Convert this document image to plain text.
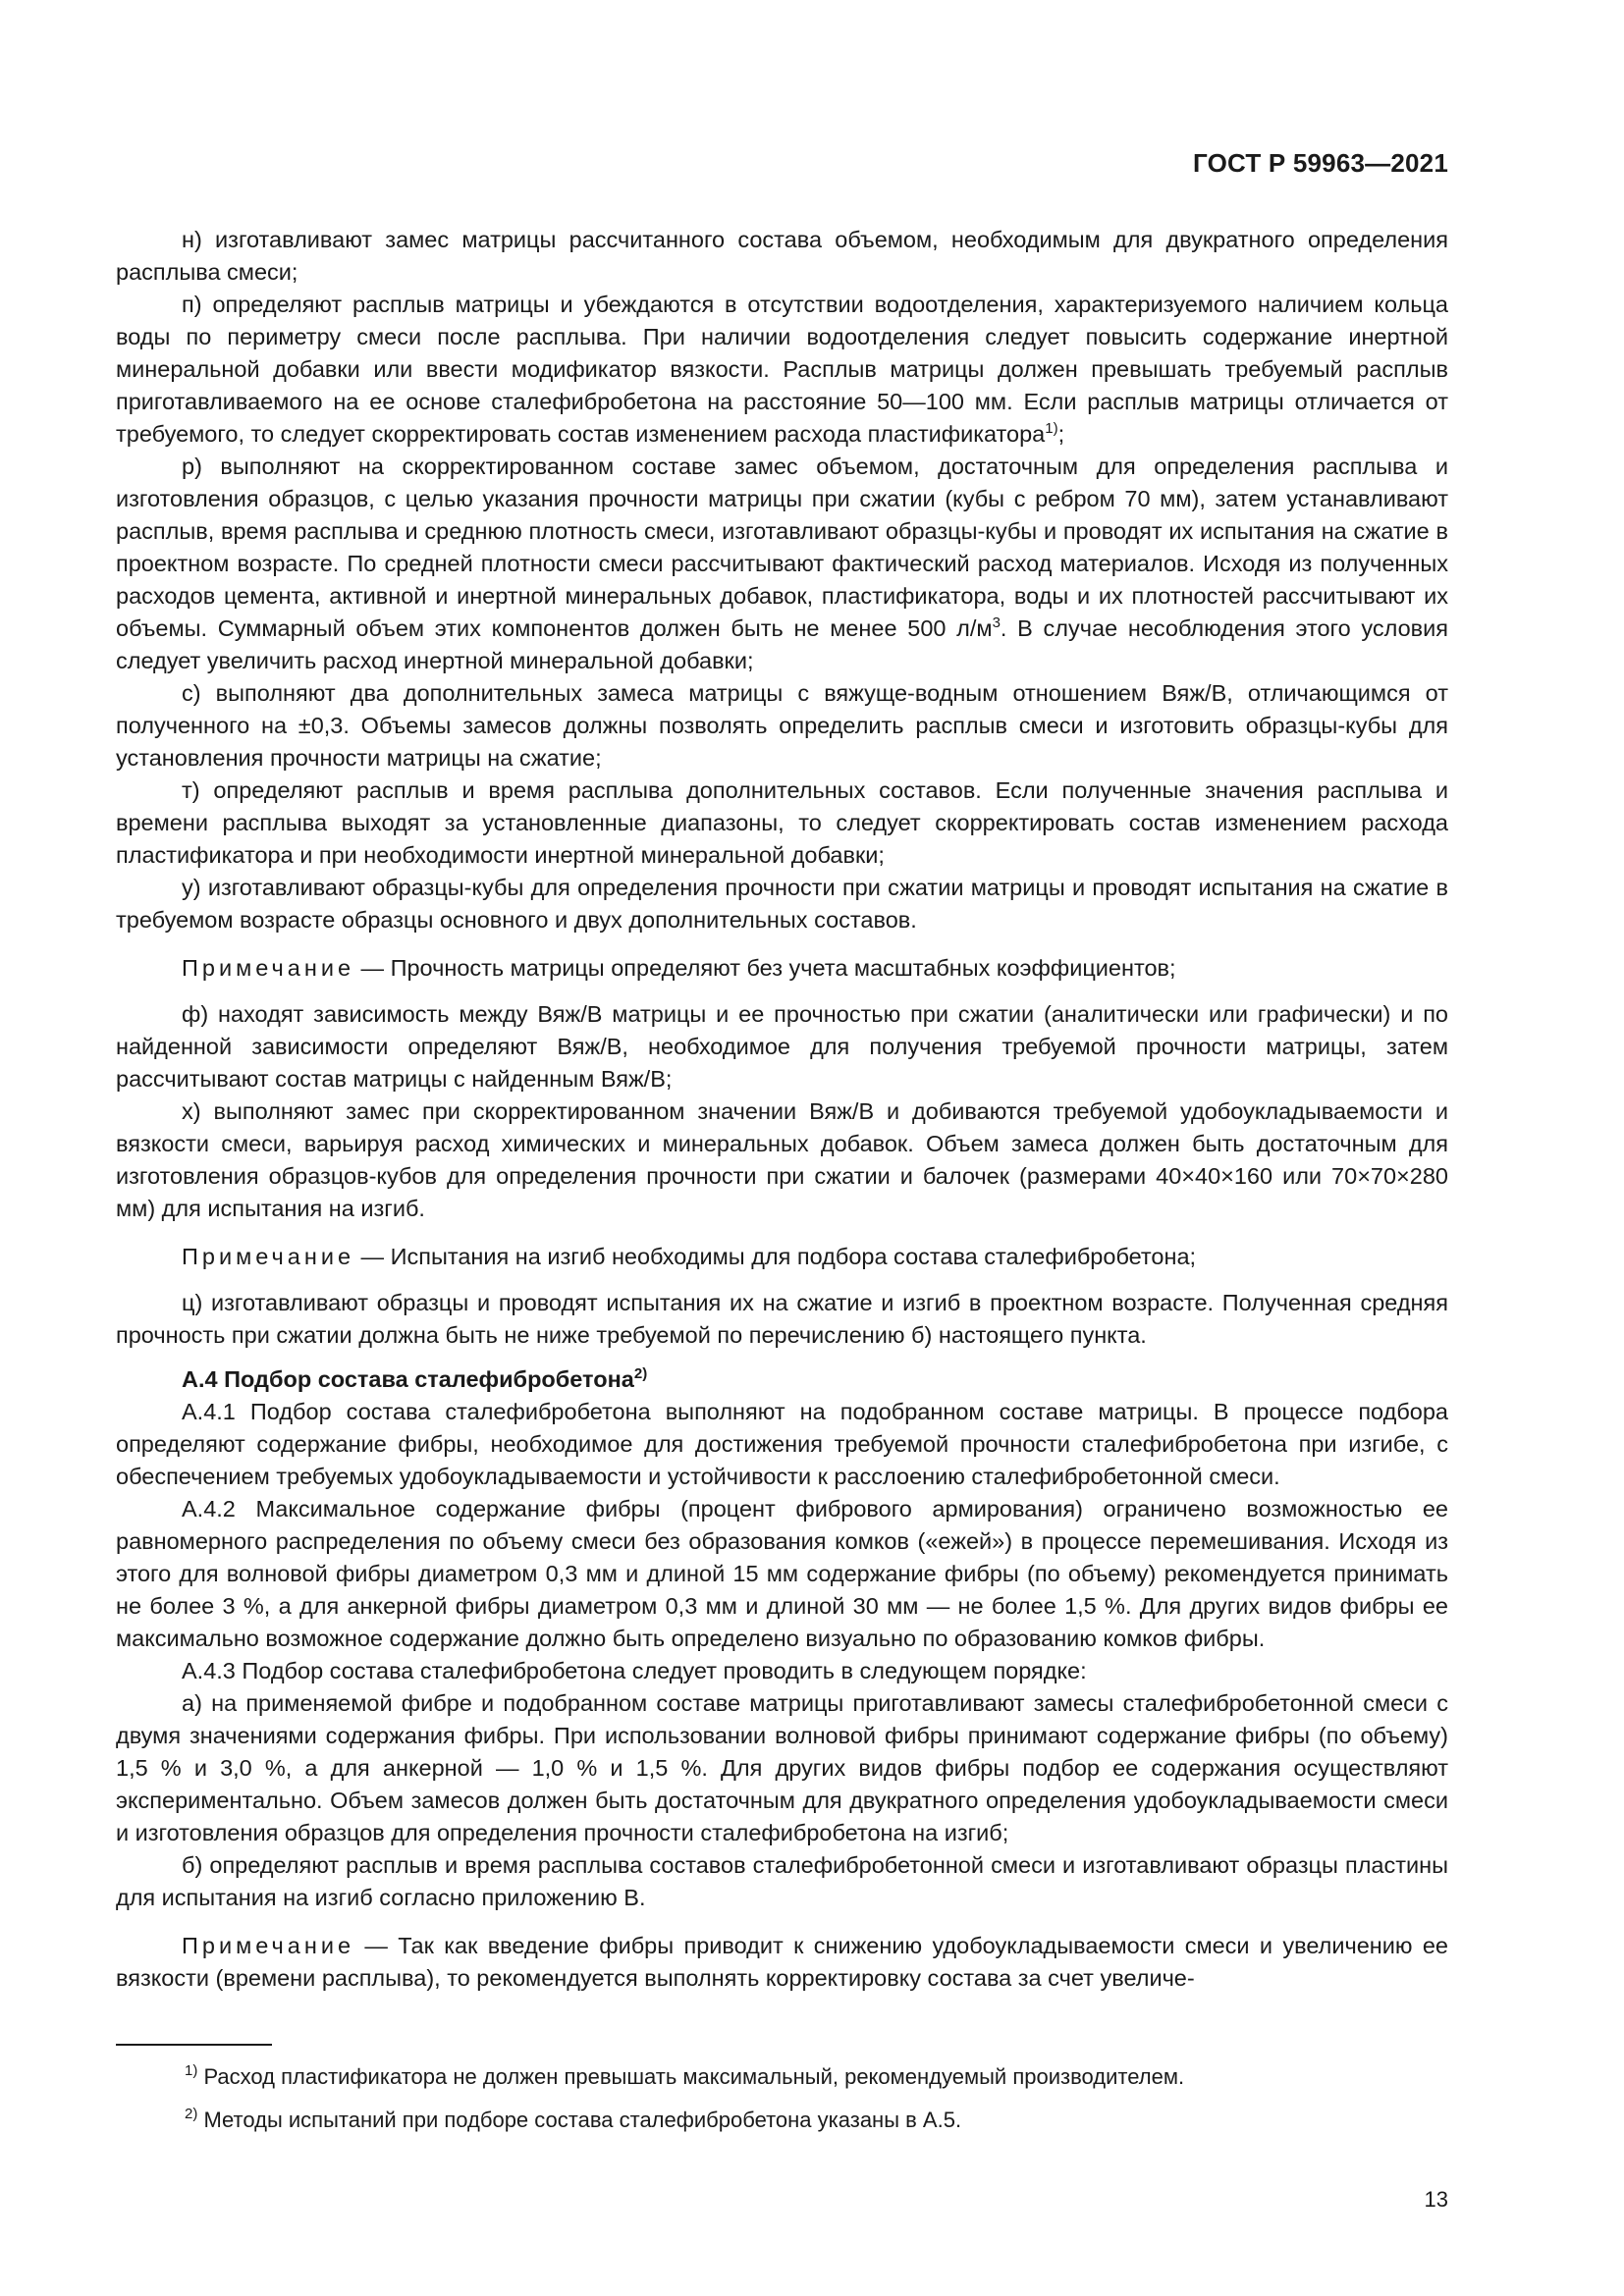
ГОСТ Р 59963—2021

н) изготавливают замес матрицы рассчитанного состава объемом, необходимым для двукратного определения расплыва смеси;

п) определяют расплыв матрицы и убеждаются в отсутствии водоотделения, характеризуемого наличием кольца воды по периметру смеси после расплыва. При наличии водоотделения следует повысить содержание инертной минеральной добавки или ввести модификатор вязкости. Расплыв матрицы должен превышать требуемый расплыв приготавливаемого на ее основе сталефибробетона на расстояние 50—100 мм. Если расплыв матрицы отличается от требуемого, то следует скорректировать состав изменением расхода пластификатора$^{1)}$;

р) выполняют на скорректированном составе замес объемом, достаточным для определения расплыва и изготовления образцов, с целью указания прочности матрицы при сжатии (кубы с ребром 70 мм), затем устанавливают расплыв, время расплыва и среднюю плотность смеси, изготавливают образцы-кубы и проводят их испытания на сжатие в проектном возрасте. По средней плотности смеси рассчитывают фактический расход материалов. Исходя из полученных расходов цемента, активной и инертной минеральных добавок, пластификатора, воды и их плотностей рассчитывают их объемы. Суммарный объем этих компонентов должен быть не менее 500 $л/м^3$. В случае несоблюдения этого условия следует увеличить расход инертной минеральной добавки;

с) выполняют два дополнительных замеса матрицы с вяжуще-водным отношением Вяж/В, отличающимся от полученного на ±0,3. Объемы замесов должны позволять определить расплыв смеси и изготовить образцы-кубы для установления прочности матрицы на сжатие;

т) определяют расплыв и время расплыва дополнительных составов. Если полученные значения расплыва и времени расплыва выходят за установленные диапазоны, то следует скорректировать состав изменением расхода пластификатора и при необходимости инертной минеральной добавки;

у) изготавливают образцы-кубы для определения прочности при сжатии матрицы и проводят испытания на сжатие в требуемом возрасте образцы основного и двух дополнительных составов.

Примечание — Прочность матрицы определяют без учета масштабных коэффициентов;

ф) находят зависимость между Вяж/В матрицы и ее прочностью при сжатии (аналитически или графически) и по найденной зависимости определяют Вяж/В, необходимое для получения требуемой прочности матрицы, затем рассчитывают состав матрицы с найденным Вяж/В;

х) выполняют замес при скорректированном значении Вяж/В и добиваются требуемой удобоукладываемости и вязкости смеси, варьируя расход химических и минеральных добавок. Объем замеса должен быть достаточным для изготовления образцов-кубов для определения прочности при сжатии и балочек (размерами 40×40×160 или 70×70×280 мм) для испытания на изгиб.

Примечание — Испытания на изгиб необходимы для подбора состава сталефибробетона;

ц) изготавливают образцы и проводят испытания их на сжатие и изгиб в проектном возрасте. Полученная средняя прочность при сжатии должна быть не ниже требуемой по перечислению б) настоящего пункта.

А.4 Подбор состава сталефибробетона$^{2)}$

А.4.1 Подбор состава сталефибробетона выполняют на подобранном составе матрицы. В процессе подбора определяют содержание фибры, необходимое для достижения требуемой прочности сталефибробетона при изгибе, с обеспечением требуемых удобоукладываемости и устойчивости к расслоению сталефибробетонной смеси.

А.4.2 Максимальное содержание фибры (процент фибрового армирования) ограничено возможностью ее равномерного распределения по объему смеси без образования комков («ежей») в процессе перемешивания. Исходя из этого для волновой фибры диаметром 0,3 мм и длиной 15 мм содержание фибры (по объему) рекомендуется принимать не более 3 %, а для анкерной фибры диаметром 0,3 мм и длиной 30 мм — не более 1,5 %. Для других видов фибры ее максимально возможное содержание должно быть определено визуально по образованию комков фибры.

А.4.3 Подбор состава сталефибробетона следует проводить в следующем порядке:

а) на применяемой фибре и подобранном составе матрицы приготавливают замесы сталефибробетонной смеси с двумя значениями содержания фибры. При использовании волновой фибры принимают содержание фибры (по объему) 1,5 % и 3,0 %, а для анкерной — 1,0 % и 1,5 %. Для других видов фибры подбор ее содержания осуществляют экспериментально. Объем замесов должен быть достаточным для двукратного определения удобоукладываемости смеси и изготовления образцов для определения прочности сталефибробетона на изгиб;

б) определяют расплыв и время расплыва составов сталефибробетонной смеси и изготавливают образцы пластины для испытания на изгиб согласно приложению В.

Примечание — Так как введение фибры приводит к снижению удобоукладываемости смеси и увеличению ее вязкости (времени расплыва), то рекомендуется выполнять корректировку состава за счет увеличе-

$^{1)}$ Расход пластификатора не должен превышать максимальный, рекомендуемый производителем.

$^{2)}$ Методы испытаний при подборе состава сталефибробетона указаны в А.5.

13
